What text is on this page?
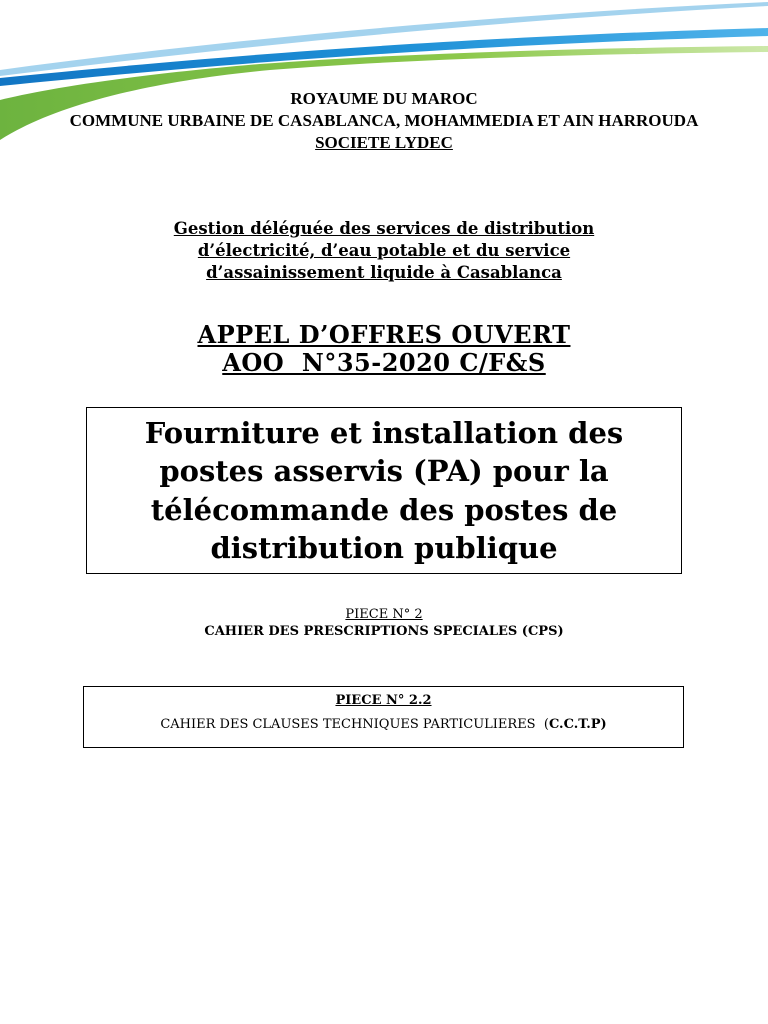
ROYAUME DU MAROC
COMMUNE URBAINE DE CASABLANCA, MOHAMMEDIA ET AIN HARROUDA
SOCIETE LYDEC
Gestion déléguée des services de distribution
d’électricité, d’eau potable et du service
d’assainissement liquide à Casablanca
APPEL D’OFFRES OUVERT
AOO  N°35-2020 C/F&S
Fourniture et installation des postes asservis (PA) pour la télécommande des postes de distribution publique
PIECE N° 2
CAHIER DES PRESCRIPTIONS SPECIALES (CPS)
PIECE N° 2.2
CAHIER DES CLAUSES TECHNIQUES PARTICULIERES  (C.C.T.P)
